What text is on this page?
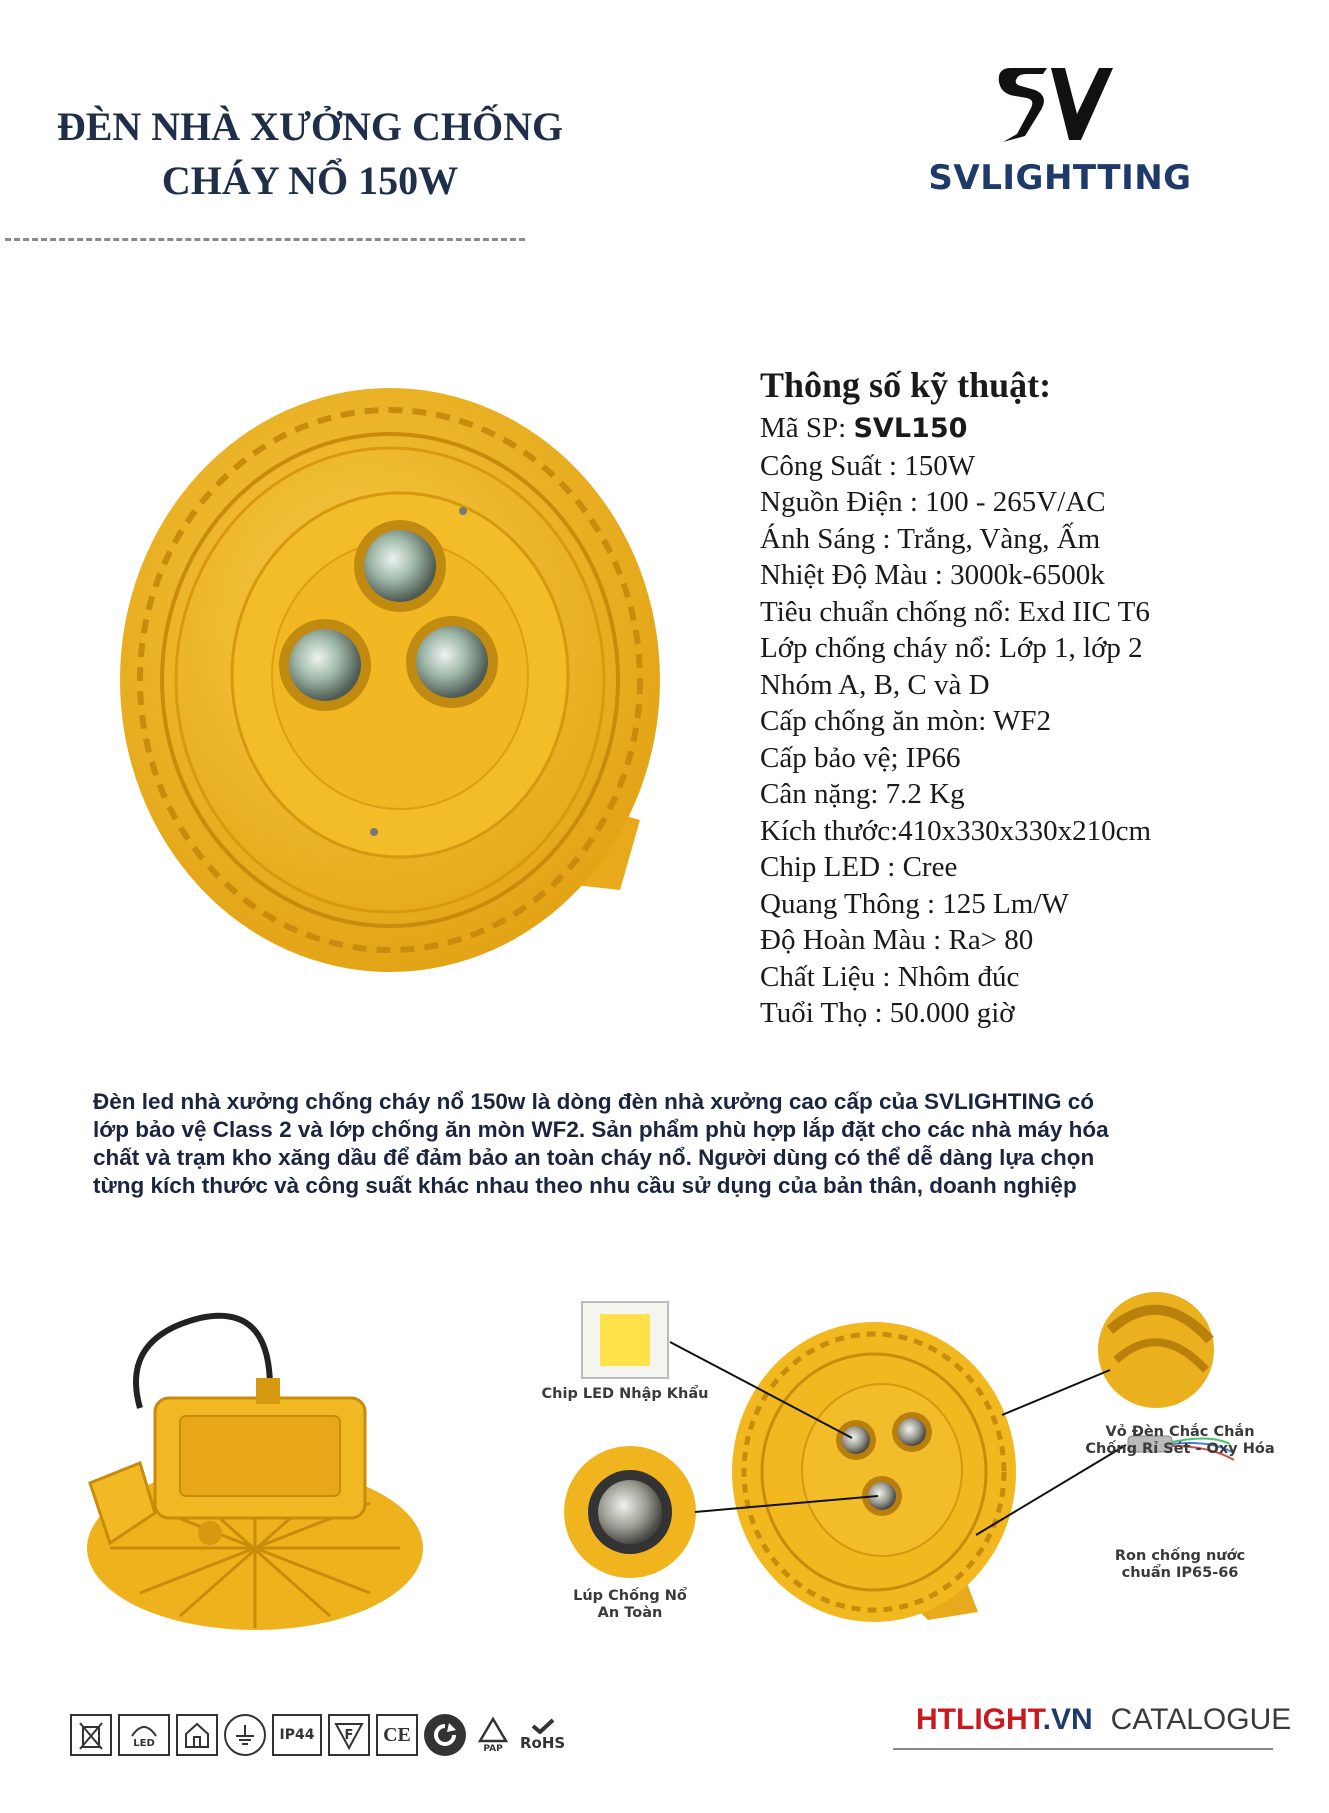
ĐÈN NHÀ XƯỞNG CHỐNG
CHÁY NỔ 150W	SVLIGHTTING
Thông số kỹ thuật:
Mã SP: SVL150
Công Suất : 150W
Nguồn Điện : 100 - 265V/AC
Ánh Sáng : Trắng, Vàng, Ấm
Nhiệt Độ Màu : 3000k-6500k
Tiêu chuẩn chống nổ: Exd IIC T6
Lớp chống cháy nổ: Lớp 1, lớp 2
Nhóm A, B, C và D
Cấp chống ăn mòn: WF2
Cấp bảo vệ; IP66
Cân nặng: 7.2 Kg
Kích thước:410x330x330x210cm
Chip LED : Cree
Quang Thông : 125 Lm/W
Độ Hoàn Màu : Ra> 80
Chất Liệu : Nhôm đúc
Tuổi Thọ : 50.000 giờ

Đèn led nhà xưởng chống cháy nổ 150w là dòng đèn nhà xưởng cao cấp của SVLIGHTING có lớp bảo vệ Class 2 và lớp chống ăn mòn WF2. Sản phẩm phù hợp lắp đặt cho các nhà máy hóa chất và trạm kho xăng dầu để đảm bảo an toàn cháy nổ. Người dùng có thể dễ dàng lựa chọn từng kích thước và công suất khác nhau theo nhu cầu sử dụng của bản thân, doanh nghiệp

Chip LED Nhập Khẩu
Lúp Chống Nổ
An Toàn
Vỏ Đèn Chắc Chắn
Chống Rỉ Sét - Oxy Hóa
Ron chống nước
chuẩn IP65-66
LED	IP44	F	CE
PAP RoHS
HTLIGHT.VN CATALOGUE
